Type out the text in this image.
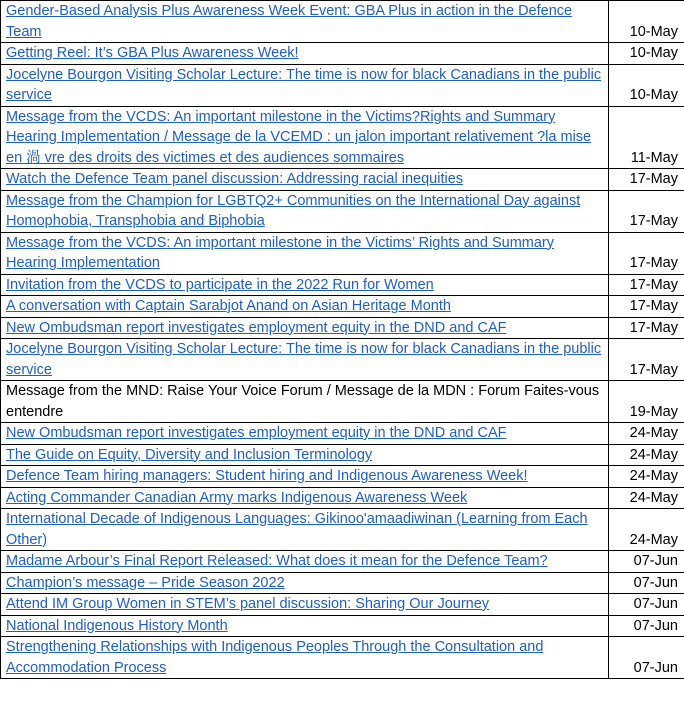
Gender-Based Analysis Plus Awareness Week Event: GBA Plus in action in the Defence Team	10-May
Getting Reel: It’s GBA Plus Awareness Week!	10-May
Jocelyne Bourgon Visiting Scholar Lecture: The time is now for black Canadians in the public service	10-May
Message from the VCDS: An important milestone in the Victims?Rights and Summary Hearing Implementation / Message de la VCEMD : un jalon important relativement ?la mise en 渦 vre des droits des victimes et des audiences sommaires	11-May
Watch the Defence Team panel discussion: Addressing racial inequities	17-May
Message from the Champion for LGBTQ2+ Communities on the International Day against Homophobia, Transphobia and Biphobia	17-May
Message from the VCDS: An important milestone in the Victims’ Rights and Summary Hearing Implementation	17-May
Invitation from the VCDS to participate in the 2022 Run for Women	17-May
A conversation with Captain Sarabjot Anand on Asian Heritage Month	17-May
New Ombudsman report investigates employment equity in the DND and CAF	17-May
Jocelyne Bourgon Visiting Scholar Lecture: The time is now for black Canadians in the public service	17-May
Message from the MND: Raise Your Voice Forum / Message de la MDN : Forum Faites-vous entendre	19-May
New Ombudsman report investigates employment equity in the DND and CAF	24-May
The Guide on Equity, Diversity and Inclusion Terminology	24-May
Defence Team hiring managers: Student hiring and Indigenous Awareness Week!	24-May
Acting Commander Canadian Army marks Indigenous Awareness Week	24-May
International Decade of Indigenous Languages: Gikinoo'amaadiwinan (Learning from Each Other)	24-May
Madame Arbour’s Final Report Released: What does it mean for the Defence Team?	07-Jun
Champion’s message – Pride Season 2022	07-Jun
Attend IM Group Women in STEM’s panel discussion: Sharing Our Journey	07-Jun
National Indigenous History Month	07-Jun
Strengthening Relationships with Indigenous Peoples Through the Consultation and Accommodation Process	07-Jun
